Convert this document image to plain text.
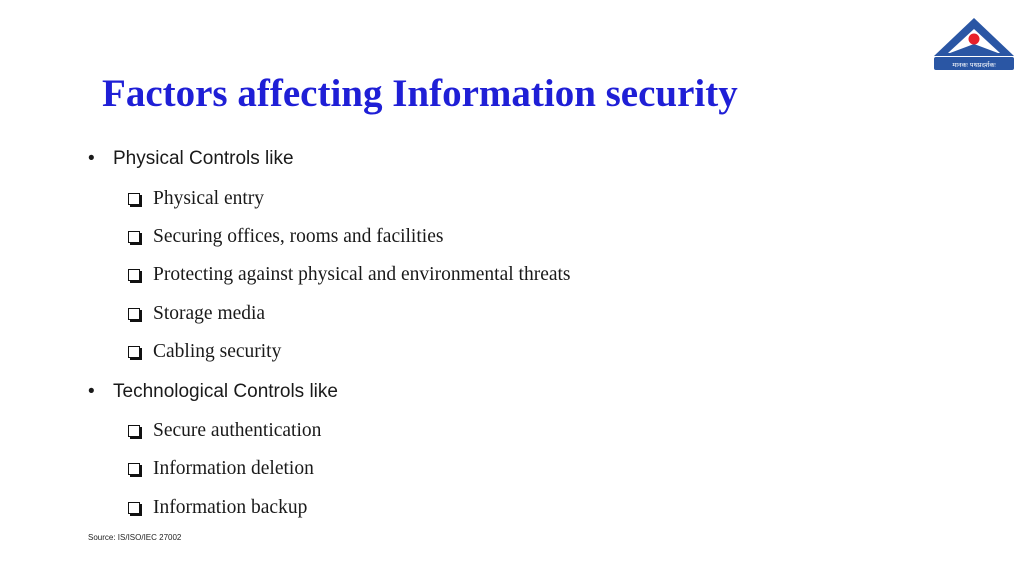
Factors affecting Information security
मानकः पथप्रदर्शकः
• Physical Controls like
Physical entry
Securing offices, rooms and facilities
Protecting against physical and environmental threats
Storage media
Cabling security
• Technological Controls like
Secure authentication
Information deletion
Information backup
Source: IS/ISO/IEC 27002
